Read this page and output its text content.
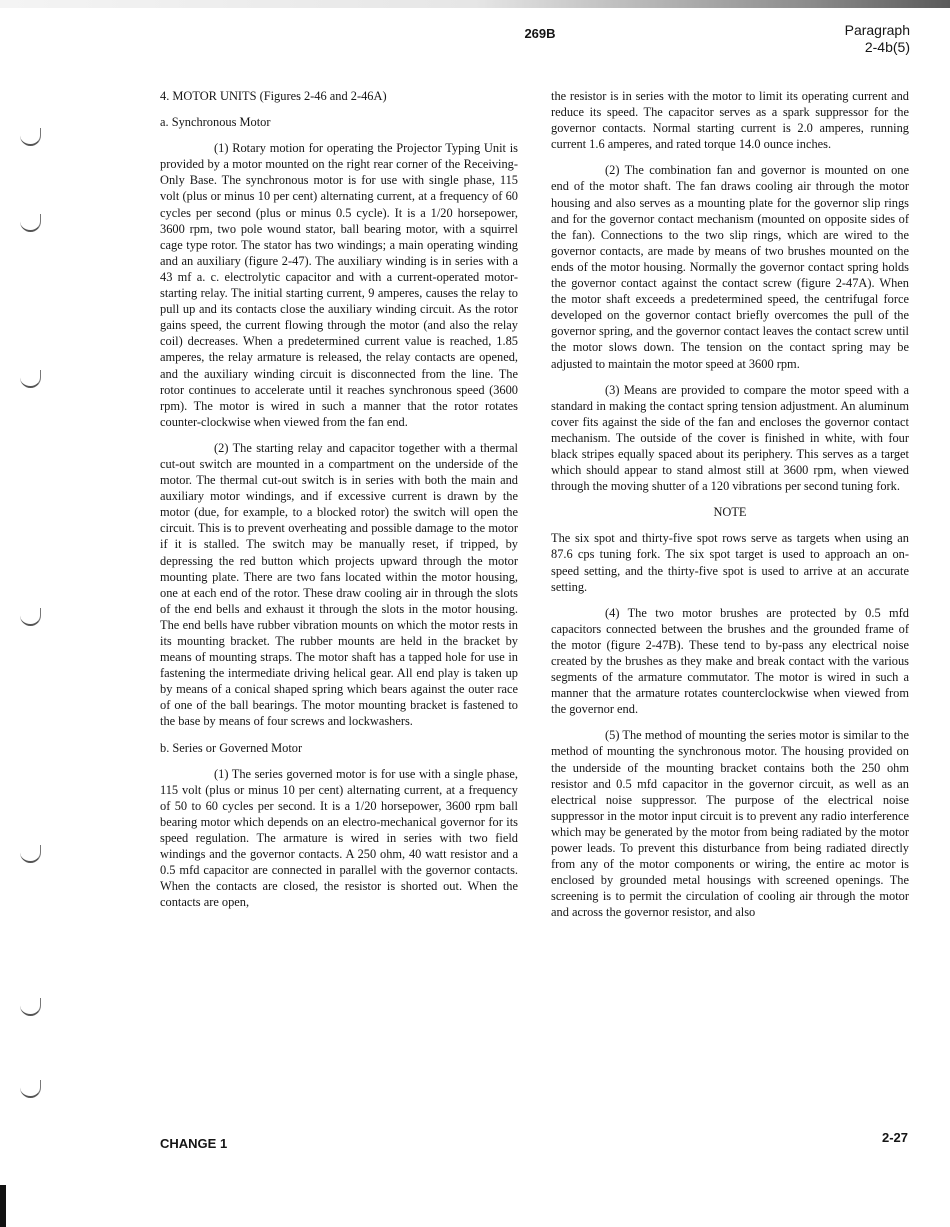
269B	Paragraph
2-4b(5)

4. MOTOR UNITS (Figures 2-46 and 2-46A)

a. Synchronous Motor

(1) Rotary motion for operating the Projector Typing Unit is provided by a motor mounted on the right rear corner of the Receiving-Only Base. The synchronous motor is for use with single phase, 115 volt (plus or minus 10 per cent) alternating current, at a frequency of 60 cycles per second (plus or minus 0.5 cycle). It is a 1/20 horsepower, 3600 rpm, two pole wound stator, ball bearing motor, with a squirrel cage type rotor. The stator has two windings; a main operating winding and an auxiliary (figure 2-47). The auxiliary winding is in series with a 43 mf a. c. electrolytic capacitor and with a current-operated motor-starting relay. The initial starting current, 9 amperes, causes the relay to pull up and its contacts close the auxiliary winding circuit. As the rotor gains speed, the current flowing through the motor (and also the relay coil) decreases. When a predetermined current value is reached, 1.85 amperes, the relay armature is released, the relay contacts are opened, and the auxiliary winding circuit is disconnected from the line. The rotor continues to accelerate until it reaches synchronous speed (3600 rpm). The motor is wired in such a manner that the rotor rotates counter-clockwise when viewed from the fan end.

(2) The starting relay and capacitor together with a thermal cut-out switch are mounted in a compartment on the underside of the motor. The thermal cut-out switch is in series with both the main and auxiliary motor windings, and if excessive current is drawn by the motor (due, for example, to a blocked rotor) the switch will open the circuit. This is to prevent overheating and possible damage to the motor if it is stalled. The switch may be manually reset, if tripped, by depressing the red button which projects upward through the motor mounting plate. There are two fans located within the motor housing, one at each end of the rotor. These draw cooling air in through the slots of the end bells and exhaust it through the slots in the motor housing. The end bells have rubber vibration mounts on which the motor rests in its mounting bracket. The rubber mounts are held in the bracket by means of mounting straps. The motor shaft has a tapped hole for use in fastening the intermediate driving helical gear. All end play is taken up by means of a conical shaped spring which bears against the outer race of one of the ball bearings. The motor mounting bracket is fastened to the base by means of four screws and lockwashers.

b. Series or Governed Motor

(1) The series governed motor is for use with a single phase, 115 volt (plus or minus 10 per cent) alternating current, at a frequency of 50 to 60 cycles per second. It is a 1/20 horsepower, 3600 rpm ball bearing motor which depends on an electro-mechanical governor for its speed regulation. The armature is wired in series with two field windings and the governor contacts. A 250 ohm, 40 watt resistor and a 0.5 mfd capacitor are connected in parallel with the governor contacts. When the contacts are closed, the resistor is shorted out. When the contacts are open,

the resistor is in series with the motor to limit its operating current and reduce its speed. The capacitor serves as a spark suppressor for the governor contacts. Normal starting current is 2.0 amperes, running current 1.6 amperes, and rated torque 14.0 ounce inches.

(2) The combination fan and governor is mounted on one end of the motor shaft. The fan draws cooling air through the motor housing and also serves as a mounting plate for the governor slip rings and for the governor contact mechanism (mounted on opposite sides of the fan). Connections to the two slip rings, which are wired to the governor contacts, are made by means of two brushes mounted on the ends of the motor housing. Normally the governor contact spring holds the governor contact against the contact screw (figure 2-47A). When the motor shaft exceeds a predetermined speed, the centrifugal force developed on the governor contact briefly overcomes the pull of the governor spring, and the governor contact leaves the contact screw until the motor slows down. The tension on the contact spring may be adjusted to maintain the motor speed at 3600 rpm.

(3) Means are provided to compare the motor speed with a standard in making the contact spring tension adjustment. An aluminum cover fits against the side of the fan and encloses the governor contact mechanism. The outside of the cover is finished in white, with four black stripes equally spaced about its periphery. This serves as a target which should appear to stand almost still at 3600 rpm, when viewed through the moving shutter of a 120 vibrations per second tuning fork.

NOTE

The six spot and thirty-five spot rows serve as targets when using an 87.6 cps tuning fork. The six spot target is used to approach an on-speed setting, and the thirty-five spot is used to arrive at an accurate setting.

(4) The two motor brushes are protected by 0.5 mfd capacitors connected between the brushes and the grounded frame of the motor (figure 2-47B). These tend to by-pass any electrical noise created by the brushes as they make and break contact with the various segments of the armature commutator. The motor is wired in such a manner that the armature rotates counterclockwise when viewed from the governor end.

(5) The method of mounting the series motor is similar to the method of mounting the synchronous motor. The housing provided on the underside of the mounting bracket contains both the 250 ohm resistor and 0.5 mfd capacitor in the governor circuit, as well as an electrical noise suppressor. The purpose of the electrical noise suppressor in the motor input circuit is to prevent any radio interference which may be generated by the motor from being radiated by the motor power leads. To prevent this disturbance from being radiated directly from any of the motor components or wiring, the entire ac motor is enclosed by grounded metal housings with screened openings. The screening is to permit the circulation of cooling air through the motor and across the governor resistor, and also

CHANGE 1	2-27
